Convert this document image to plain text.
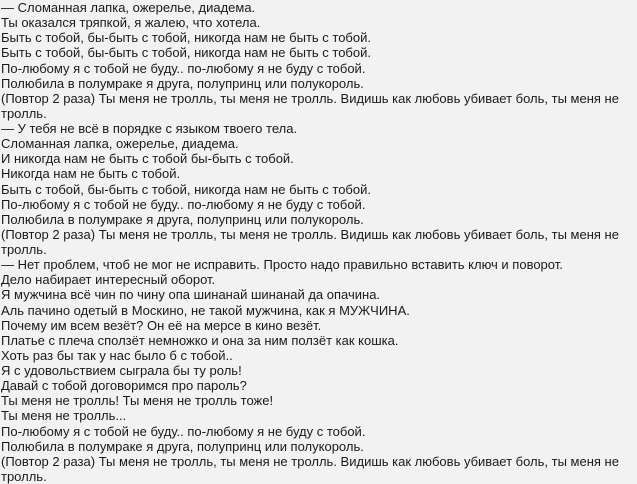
— Сломанная лапка, ожерелье, диадема.
Ты оказался тряпкой, я жалею, что хотела.
Быть с тобой, бы-быть с тобой, никогда нам не быть с тобой.
Быть с тобой, бы-быть с тобой, никогда нам не быть с тобой.
По-любому я с тобой не буду.. по-любому я не буду с тобой.
Полюбила в полумраке я друга, полупринц или полукороль.
(Повтор 2 раза) Ты меня не тролль, ты меня не тролль. Видишь как любовь убивает боль, ты меня не тролль.
— У тебя не всё в порядке с языком твоего тела.
Сломанная лапка, ожерелье, диадема.
И никогда нам не быть с тобой бы-быть с тобой.
Никогда нам не быть с тобой.
Быть с тобой, бы-быть с тобой, никогда нам не быть с тобой.
По-любому я с тобой не буду.. по-любому я не буду с тобой.
Полюбила в полумраке я друга, полупринц или полукороль.
(Повтор 2 раза) Ты меня не тролль, ты меня не тролль. Видишь как любовь убивает боль, ты меня не тролль.
— Нет проблем, чтоб не мог не исправить. Просто надо правильно вставить ключ и поворот.
Дело набирает интересный оборот.
Я мужчина всё чин по чину опа шинанай шинанай да опачина.
Аль пачино одетый в Москино, не такой мужчина, как я МУЖЧИНА.
Почему им всем везёт? Он её на мерсе в кино везёт.
Платье с плеча сползёт немножко и она за ним ползёт как кошка.
Хоть раз бы так у нас было б с тобой..
Я с удовольствием сыграла бы ту роль!
Давай с тобой договоримся про пароль?
Ты меня не тролль! Ты меня не тролль тоже!
Ты меня не тролль...
По-любому я с тобой не буду.. по-любому я не буду с тобой.
Полюбила в полумраке я друга, полупринц или полукороль.
(Повтор 2 раза) Ты меня не тролль, ты меня не тролль. Видишь как любовь убивает боль, ты меня не тролль.
